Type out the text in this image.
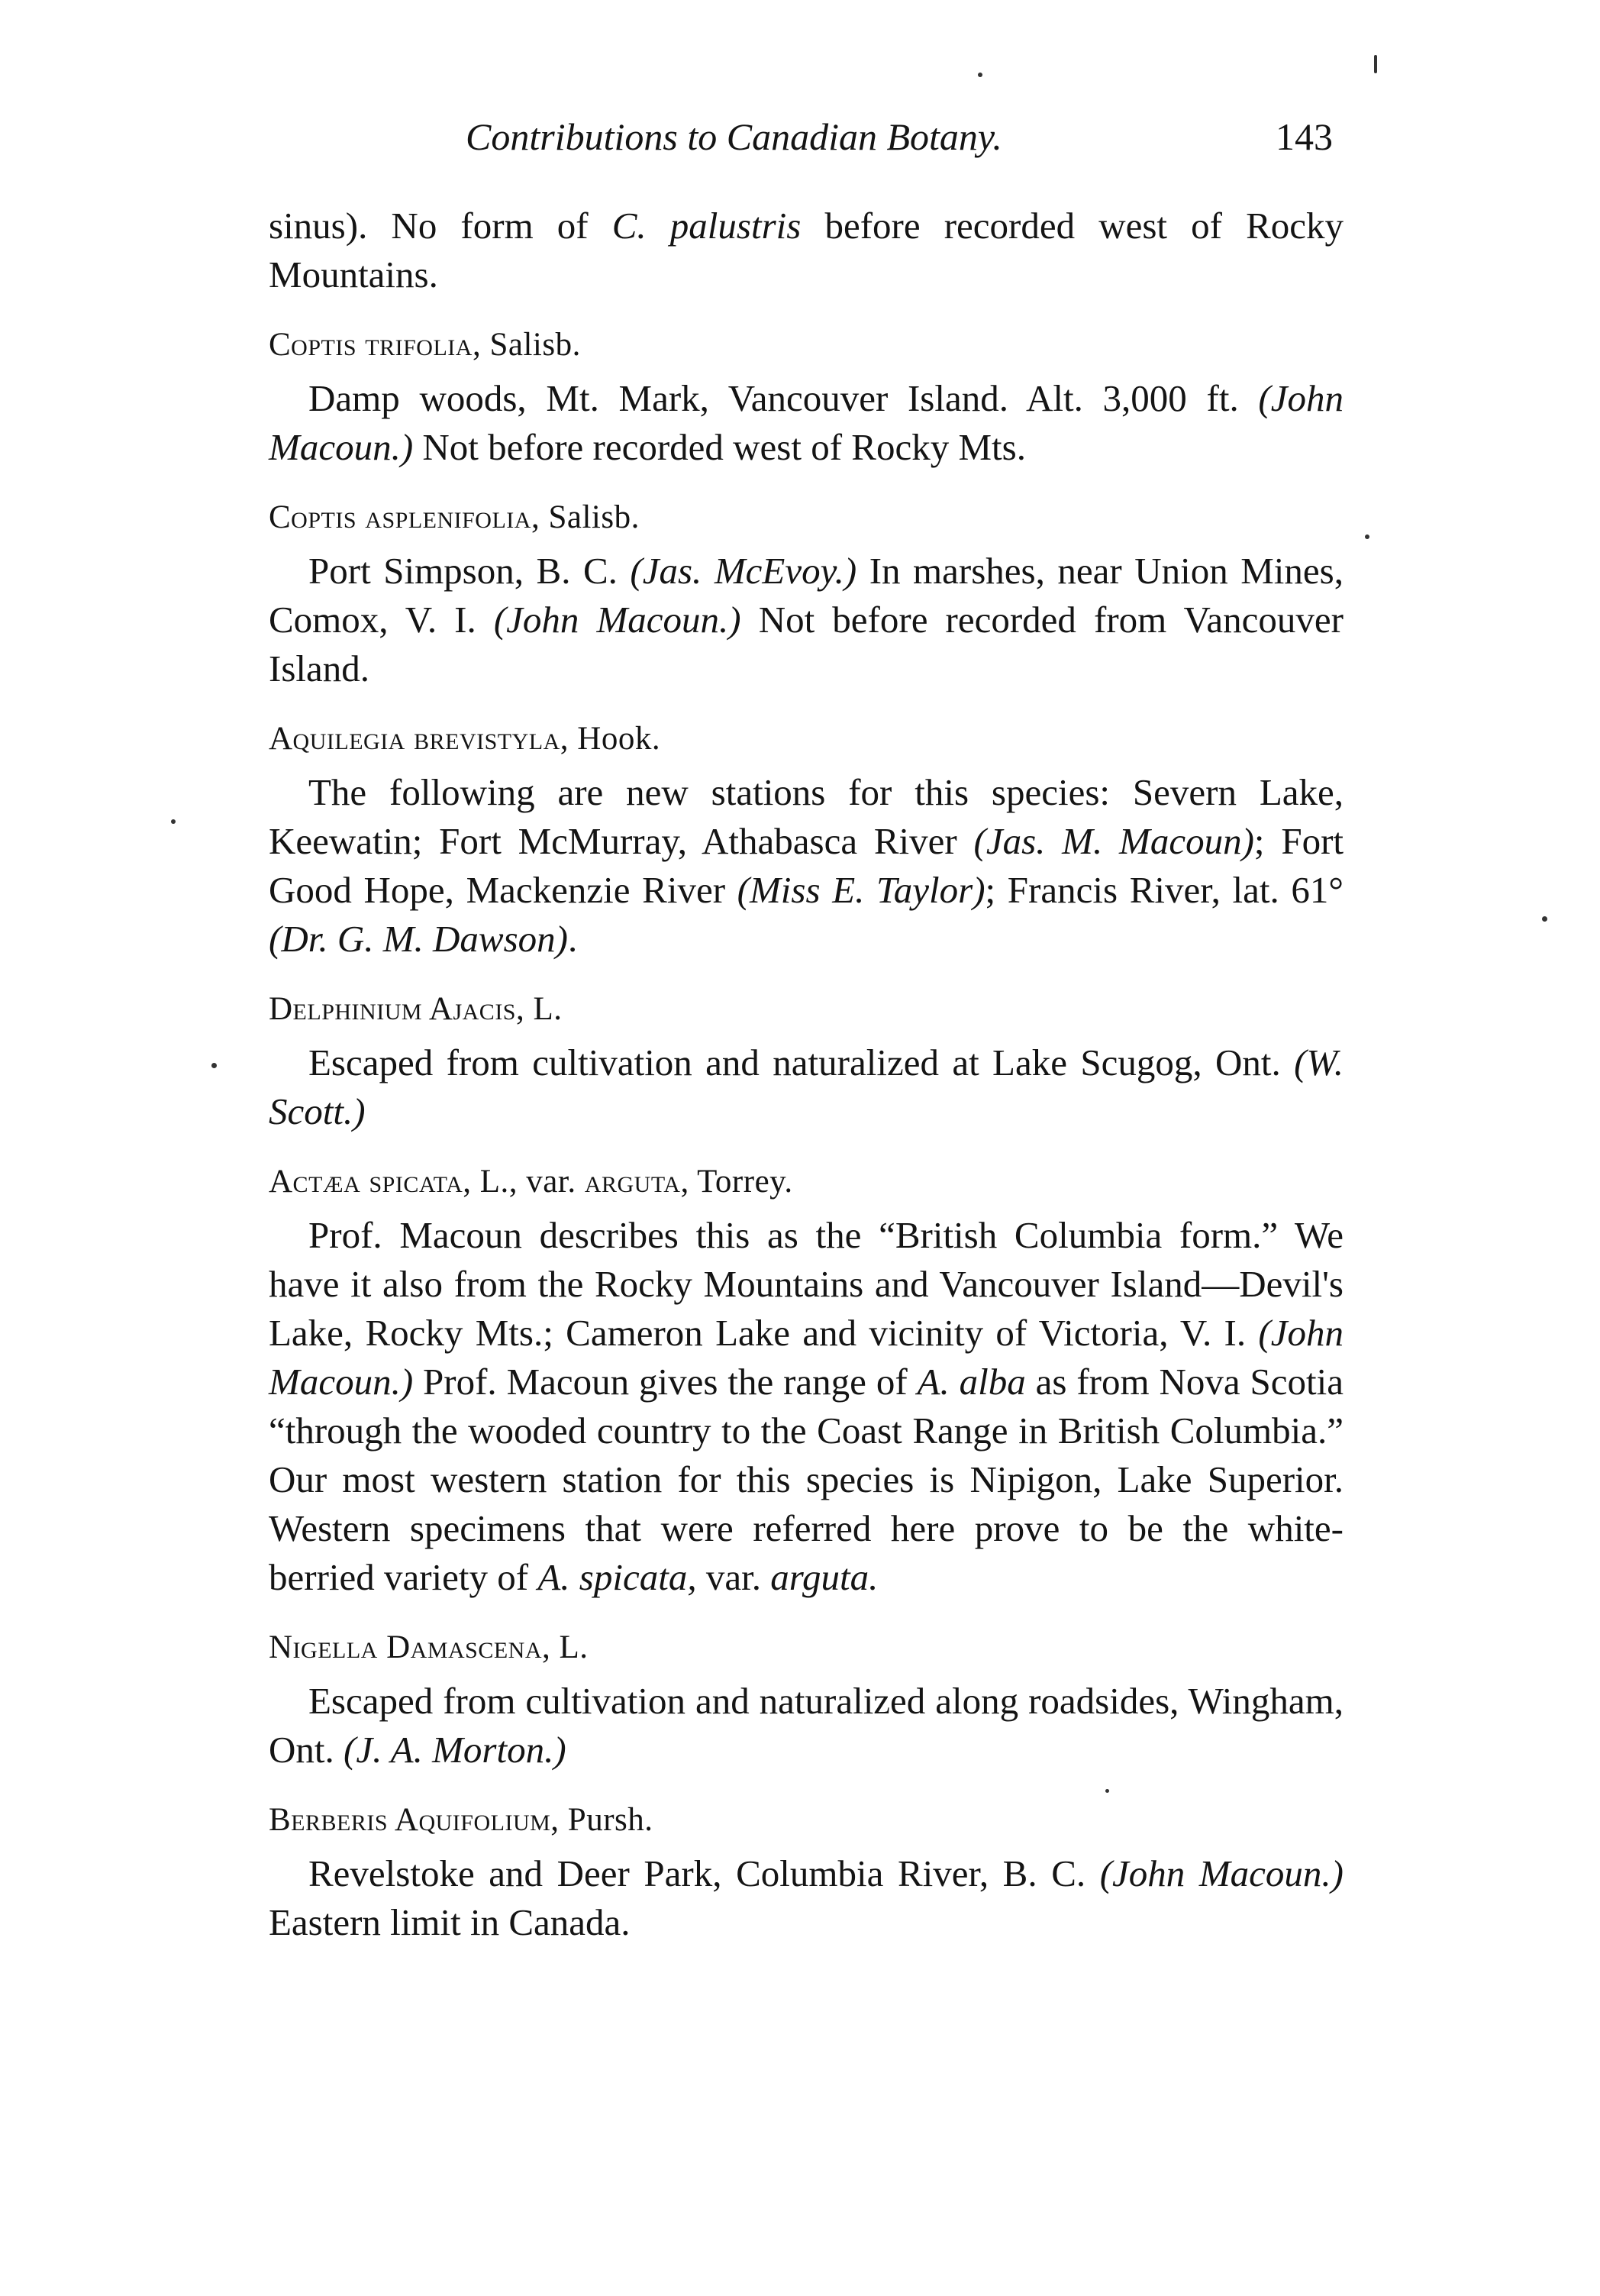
Contributions to Canadian Botany.	143

sinus). No form of C. palustris before recorded west of Rocky Mountains.

Coptis trifolia, Salisb.

Damp woods, Mt. Mark, Vancouver Island. Alt. 3,000 ft. (John Macoun.) Not before recorded west of Rocky Mts.

Coptis asplenifolia, Salisb.

Port Simpson, B. C. (Jas. McEvoy.) In marshes, near Union Mines, Comox, V. I. (John Macoun.) Not before recorded from Vancouver Island.

Aquilegia brevistyla, Hook.

The following are new stations for this species: Severn Lake, Keewatin; Fort McMurray, Athabasca River (Jas. M. Macoun); Fort Good Hope, Mackenzie River (Miss E. Taylor); Francis River, lat. 61° (Dr. G. M. Dawson).

Delphinium Ajacis, L.

Escaped from cultivation and naturalized at Lake Scugog, Ont. (W. Scott.)

Actæa spicata, L., var. arguta, Torrey.

Prof. Macoun describes this as the “British Columbia form.” We have it also from the Rocky Mountains and Vancouver Island—Devil's Lake, Rocky Mts.; Cameron Lake and vicinity of Victoria, V. I. (John Macoun.) Prof. Macoun gives the range of A. alba as from Nova Scotia “through the wooded country to the Coast Range in British Columbia.” Our most western station for this species is Nipigon, Lake Superior. Western specimens that were referred here prove to be the white-berried variety of A. spicata, var. arguta.

Nigella Damascena, L.

Escaped from cultivation and naturalized along roadsides, Wingham, Ont. (J. A. Morton.)

Berberis Aquifolium, Pursh.

Revelstoke and Deer Park, Columbia River, B. C. (John Macoun.) Eastern limit in Canada.
